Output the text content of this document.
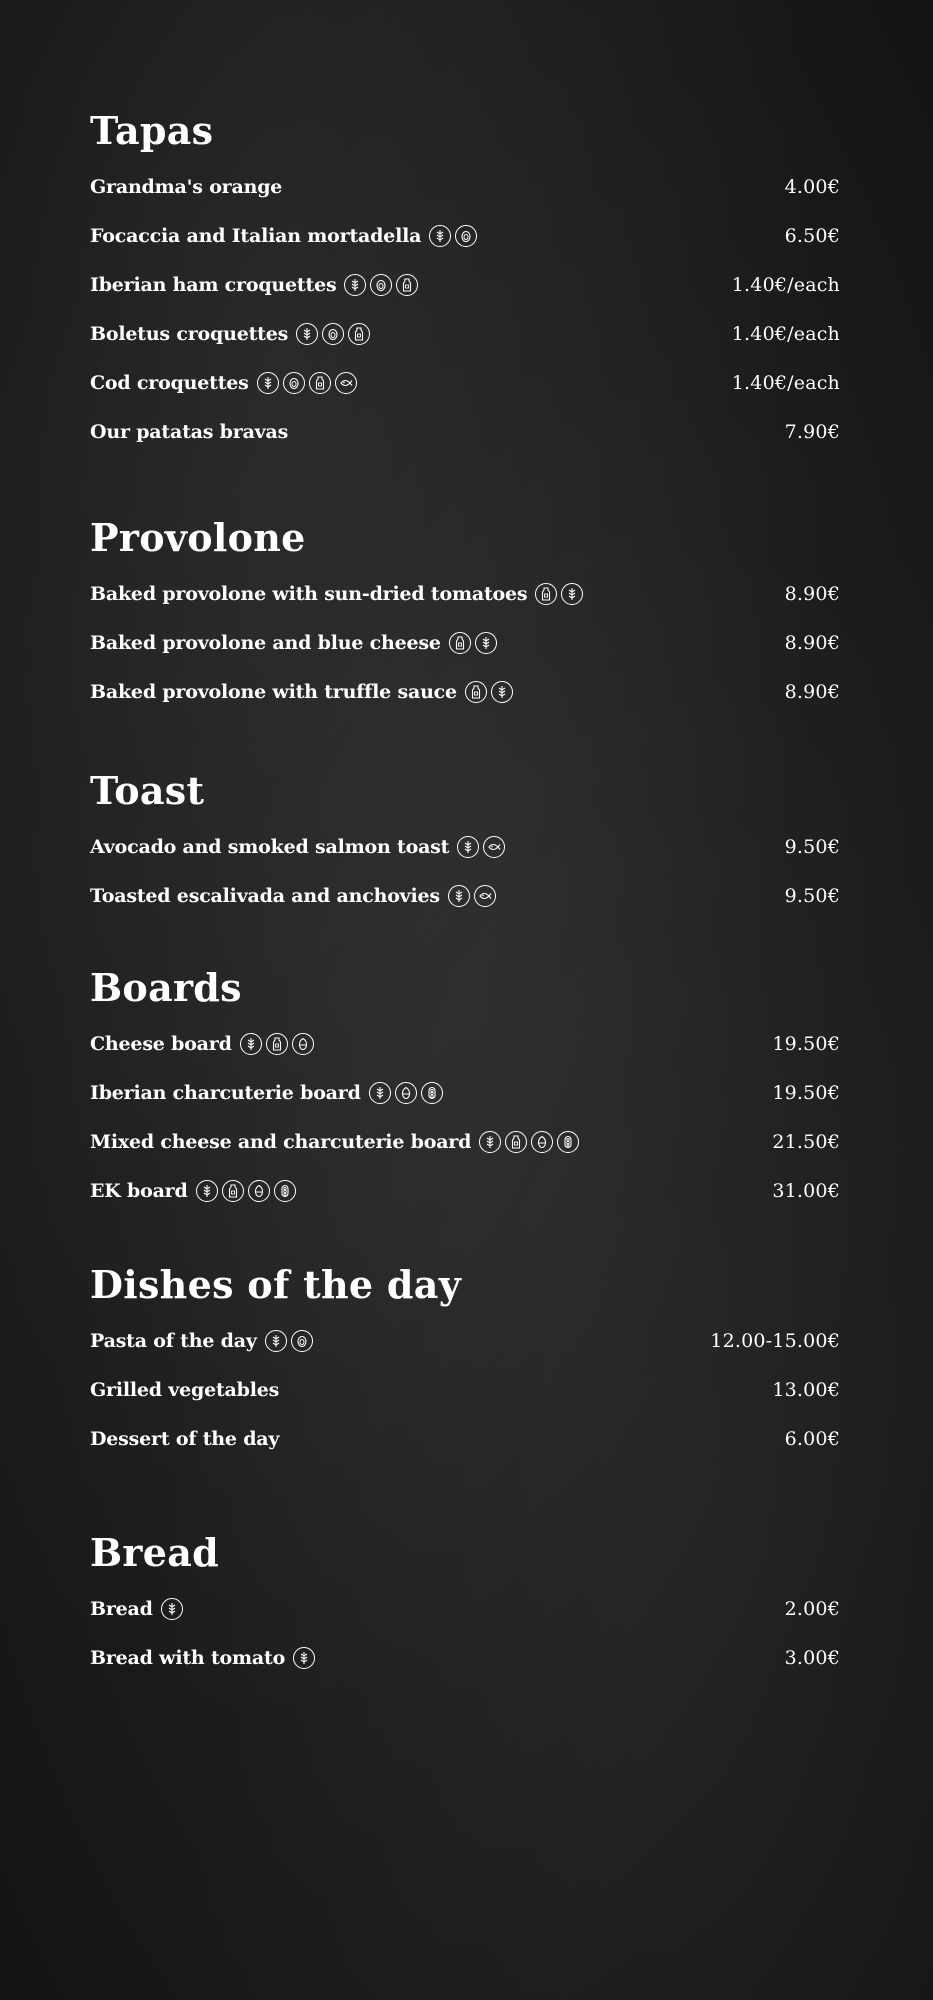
Tapas
Grandma's orange	4.00€
Focaccia and Italian mortadella	6.50€
Iberian ham croquettes	1.40€/each
Boletus croquettes	1.40€/each
Cod croquettes	1.40€/each
Our patatas bravas	7.90€
Provolone
Baked provolone with sun-dried tomatoes	8.90€
Baked provolone and blue cheese	8.90€
Baked provolone with truffle sauce	8.90€
Toast
Avocado and smoked salmon toast	9.50€
Toasted escalivada and anchovies	9.50€
Boards
Cheese board	19.50€
Iberian charcuterie board	19.50€
Mixed cheese and charcuterie board	21.50€
EK board	31.00€
Dishes of the day
Pasta of the day	12.00-15.00€
Grilled vegetables	13.00€
Dessert of the day	6.00€
Bread
Bread	2.00€
Bread with tomato	3.00€
